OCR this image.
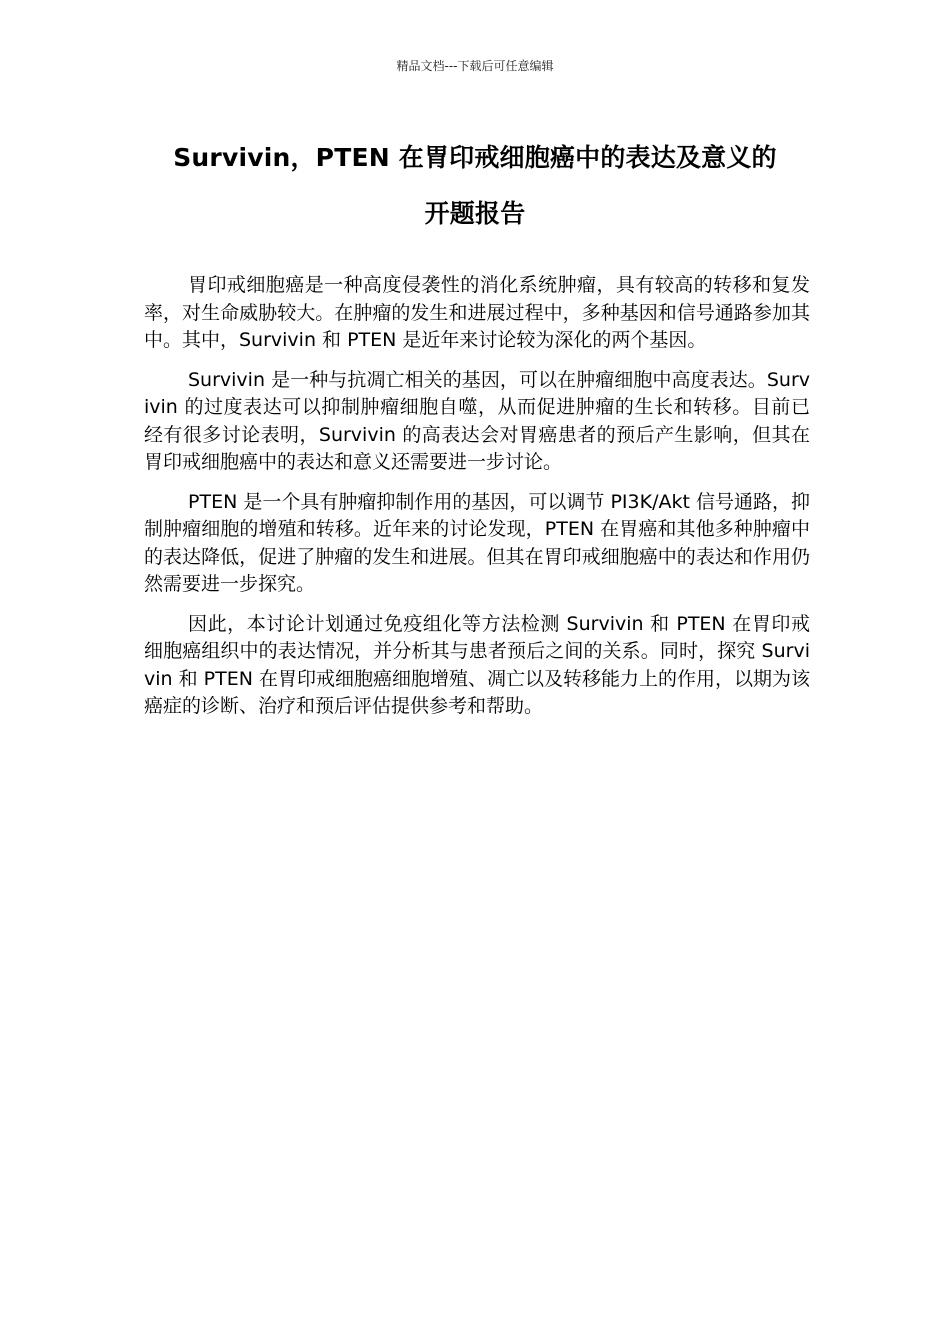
精品文档---下载后可任意编辑
Survivin，PTEN 在胃印戒细胞癌中的表达及意义的
开题报告

胃印戒细胞癌是一种高度侵袭性的消化系统肿瘤，具有较高的转移和复发率，对生命威胁较大。在肿瘤的发生和进展过程中，多种基因和信号通路参加其中。其中，Survivin 和 PTEN 是近年来讨论较为深化的两个基因。

Survivin 是一种与抗凋亡相关的基因，可以在肿瘤细胞中高度表达。Survivin 的过度表达可以抑制肿瘤细胞自噬，从而促进肿瘤的生长和转移。目前已经有很多讨论表明，Survivin 的高表达会对胃癌患者的预后产生影响，但其在胃印戒细胞癌中的表达和意义还需要进一步讨论。

PTEN 是一个具有肿瘤抑制作用的基因，可以调节 PI3K/Akt 信号通路，抑制肿瘤细胞的增殖和转移。近年来的讨论发现，PTEN 在胃癌和其他多种肿瘤中的表达降低，促进了肿瘤的发生和进展。但其在胃印戒细胞癌中的表达和作用仍然需要进一步探究。

因此，本讨论计划通过免疫组化等方法检测 Survivin 和 PTEN 在胃印戒细胞癌组织中的表达情况，并分析其与患者预后之间的关系。同时，探究 Survivin 和 PTEN 在胃印戒细胞癌细胞增殖、凋亡以及转移能力上的作用，以期为该癌症的诊断、治疗和预后评估提供参考和帮助。
